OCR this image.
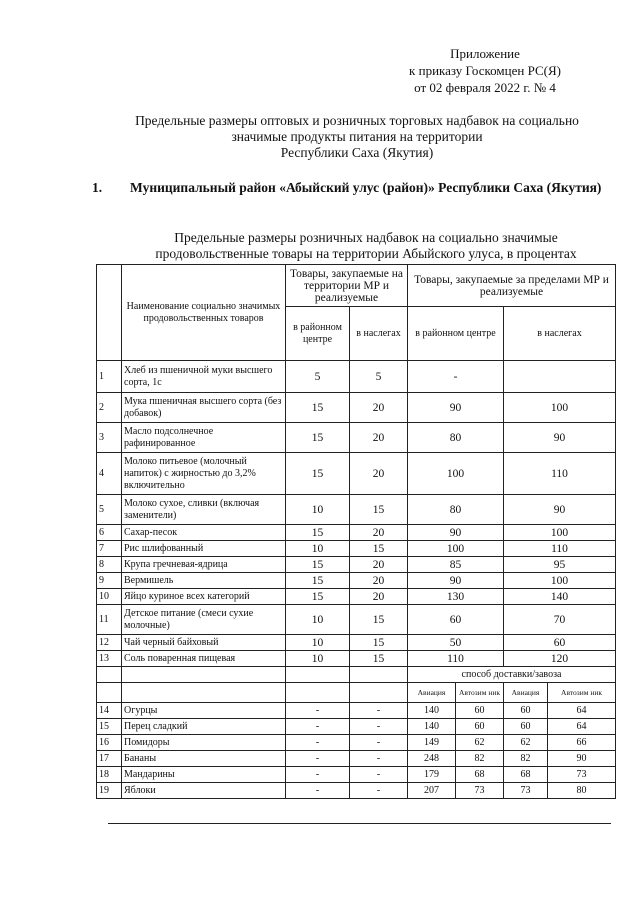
Приложение
к приказу Госкомцен РС(Я)
от 02 февраля 2022 г. № 4
Предельные размеры оптовых и розничных торговых надбавок на социально
значимые продукты питания на территории
Республики Саха (Якутия)
1. Муниципальный район «Абыйский улус (район)» Республики Саха (Якутия)
Предельные размеры розничных надбавок на социально значимые
продовольственные товары на территории Абыйского улуса, в процентах
	Наименование социально значимых продовольственных товаров	Товары, закупаемые на территории МР и реализуемые		Товары, закупаемые за пределами МР и реализуемые			
		в районном центре	в наслегах	в районном центре		в наслегах	
1	Хлеб из пшеничной муки высшего сорта, 1с	5	5	-			
2	Мука пшеничная высшего сорта (без добавок)	15	20	90		100	
3	Масло подсолнечное рафинированное	15	20	80		90	
4	Молоко питьевое (молочный напиток) с жирностью до 3,2% включительно	15	20	100		110	
5	Молоко сухое, сливки (включая заменители)	10	15	80		90	
6	Сахар-песок	15	20	90		100	
7	Рис шлифованный	10	15	100		110	
8	Крупа гречневая-ядрица	15	20	85		95	
9	Вермишель	15	20	90		100	
10	Яйцо куриное всех категорий	15	20	130		140	
11	Детское питание (смеси сухие молочные)	10	15	60		70	
12	Чай черный байховый	10	15	50		60	
13	Соль поваренная пищевая	10	15	110		120	
				способ доставки/завоза			
				Авиация	Автозим ник	Авиация	Автозим ник
14	Огурцы	-	-	140	60	60	64
15	Перец сладкий	-	-	140	60	60	64
16	Помидоры	-	-	149	62	62	66
17	Бананы	-	-	248	82	82	90
18	Мандарины	-	-	179	68	68	73
19	Яблоки	-	-	207	73	73	80
